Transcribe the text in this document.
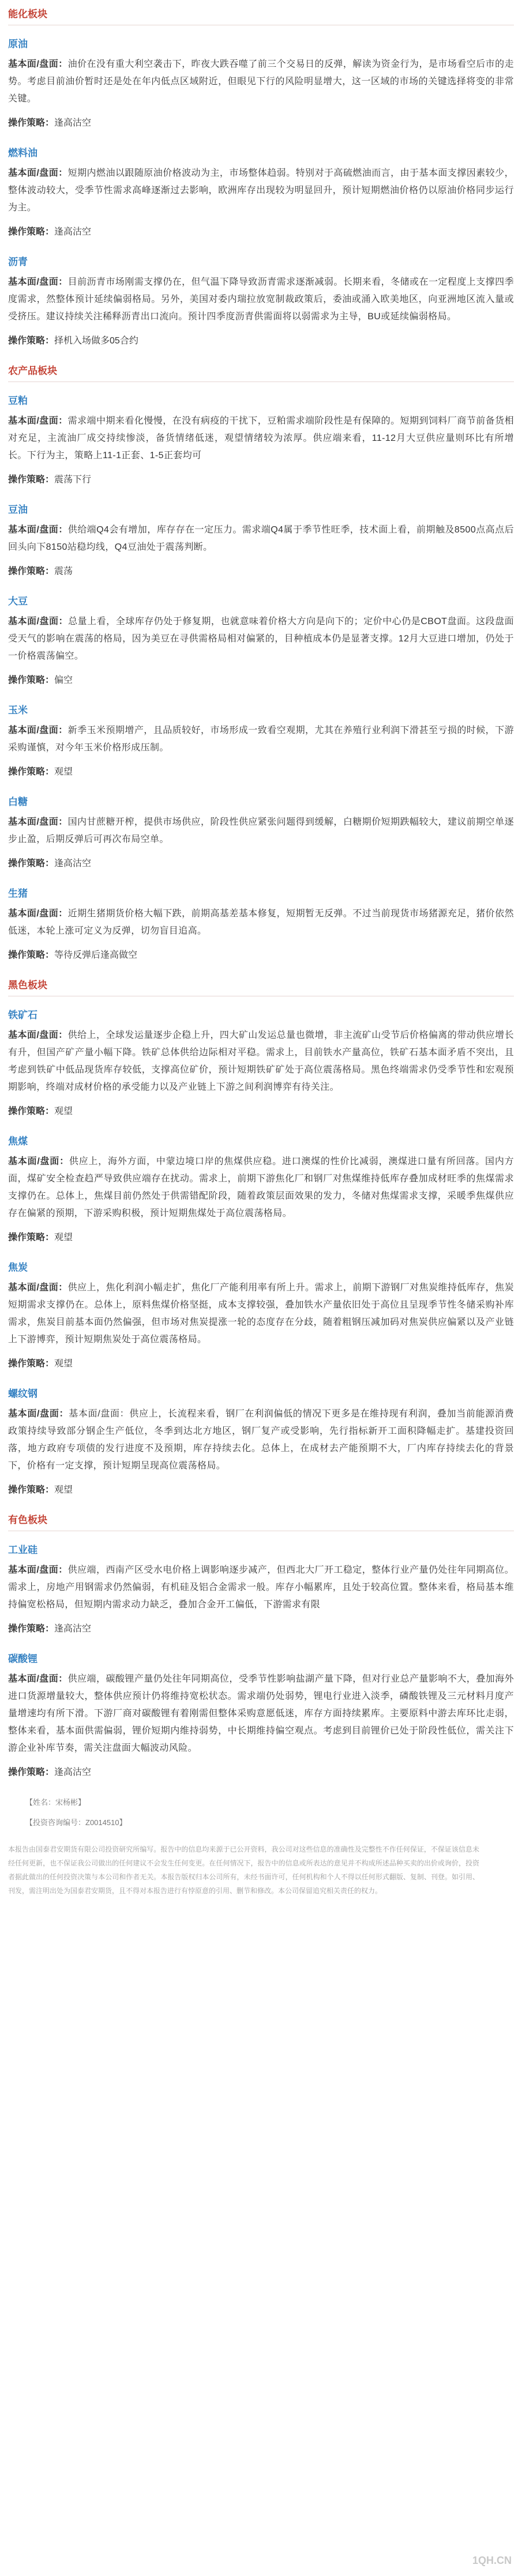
能化板块
原油

基本面/盘面：油价在没有重大利空袭击下，昨夜大跌吞噬了前三个交易日的反弹，解读为资金行为，是市场看空后市的走势。考虑目前油价暂时还是处在年内低点区域附近，但眼见下行的风险明显增大，这一区域的市场的关键选择将变的非常关键。

操作策略：逢高沽空

燃料油

基本面/盘面：短期内燃油以跟随原油价格波动为主，市场整体趋弱。特别对于高硫燃油而言，由于基本面支撑因素较少，整体波动较大，受季节性需求高峰逐渐过去影响，欧洲库存出现较为明显回升，预计短期燃油价格仍以原油价格同步运行为主。

操作策略：逢高沽空

沥青

基本面/盘面：目前沥青市场刚需支撑仍在，但气温下降导致沥青需求逐渐减弱。长期来看，冬储或在一定程度上支撑四季度需求，然整体预计延续偏弱格局。另外，美国对委内瑞拉放宽制裁政策后，委油或涌入欧美地区，向亚洲地区流入量或受挤压。建议持续关注稀释沥青出口流向。预计四季度沥青供需面将以弱需求为主导，BU或延续偏弱格局。

操作策略：择机入场做多05合约

农产品板块
豆粕

基本面/盘面：需求端中期来看化慢慢，在没有病疫的干扰下，豆粕需求端阶段性是有保障的。短期到饲料厂商节前备货相对充足，主流油厂成交持续惨淡，备货情绪低迷，观望情绪较为浓厚。供应端来看，11-12月大豆供应量则环比有所增长。下行为主，策略上11-1正套、1-5正套均可

操作策略：震荡下行

豆油

基本面/盘面：供给端Q4会有增加，库存存在一定压力。需求端Q4属于季节性旺季，技术面上看，前期触及8500点高点后回头向下8150站稳均线，Q4豆油处于震荡判断。

操作策略：震荡

大豆

基本面/盘面：总量上看，全球库存仍处于修复期，也就意味着价格大方向是向下的；定价中心仍是CBOT盘面。这段盘面受天气的影响在震荡的格局，因为美豆在寻供需格局相对偏紧的，目种植成本仍是显著支撑。12月大豆进口增加，仍处于一价格震荡偏空。

操作策略：偏空

玉米

基本面/盘面：新季玉米预期增产，且品质较好，市场形成一致看空观期，尤其在养殖行业利润下滑甚至亏损的时候，下游采购谨慎，对今年玉米价格形成压制。

操作策略：观望

白糖

基本面/盘面：国内甘蔗糖开榨，提供市场供应，阶段性供应紧张问题得到缓解，白糖期价短期跌幅较大，建议前期空单逐步止盈，后期反弹后可再次布局空单。

操作策略：逢高沽空

生猪

基本面/盘面：近期生猪期货价格大幅下跌，前期高基差基本修复，短期暂无反弹。不过当前现货市场猪源充足，猪价依然低迷，本轮上涨可定义为反弹，切勿盲目追高。

操作策略：等待反弹后逢高做空

黑色板块
铁矿石

基本面/盘面：供给上，全球发运量逐步企稳上升，四大矿山发运总量也微增，非主流矿山受节后价格偏离的带动供应增长有升，但国产矿产量小幅下降。铁矿总体供给边际相对平稳。需求上，目前铁水产量高位，铁矿石基本面矛盾不突出，且考虑到铁矿中低品现货库存较低，支撑高位矿价，预计短期铁矿矿处于高位震荡格局。黑色终端需求仍受季节性和宏观预期影响，终端对成材价格的承受能力以及产业链上下游之间利润博弈有待关注。

操作策略：观望

焦煤

基本面/盘面：供应上，海外方面，中蒙边境口岸的焦煤供应稳。进口澳煤的性价比减弱，澳煤进口量有所回落。国内方面，煤矿安全检查趋严导致供应端存在扰动。需求上，前期下游焦化厂和钢厂对焦煤维持低库存叠加成材旺季的焦煤需求支撑仍在。总体上，焦煤目前仍然处于供需错配阶段，随着政策层面效果的发力，冬储对焦煤需求支撑，采暖季焦煤供应存在偏紧的预期，下游采购积极，预计短期焦煤处于高位震荡格局。

操作策略：观望

焦炭

基本面/盘面：供应上，焦化利润小幅走扩，焦化厂产能利用率有所上升。需求上，前期下游钢厂对焦炭维持低库存，焦炭短期需求支撑仍在。总体上，原料焦煤价格坚挺，成本支撑较强，叠加铁水产量依旧处于高位且呈现季节性冬储采购补库需求，焦炭目前基本面仍然偏强，但市场对焦炭提涨一轮的态度存在分歧，随着粗钢压减加码对焦炭供应偏紧以及产业链上下游博弈，预计短期焦炭处于高位震荡格局。

操作策略：观望

螺纹钢

基本面/盘面：基本面/盘面：供应上，长流程来看，钢厂在利润偏低的情况下更多是在维持现有利润，叠加当前能源消费政策持续导致部分钢企生产低位，冬季到达北方地区，钢厂复产或受影响，先行指标新开工面积降幅走扩。基建投资回落，地方政府专项债的发行进度不及预期，库存持续去化。总体上，在成材去产能预期不大，厂内库存持续去化的背景下，价格有一定支撑，预计短期呈现高位震荡格局。

操作策略：观望

有色板块
工业硅

基本面/盘面：供应端，西南产区受水电价格上调影响逐步减产，但西北大厂开工稳定，整体行业产量仍处往年同期高位。需求上，房地产用钢需求仍然偏弱，有机硅及铝合金需求一般。库存小幅累库，且处于较高位置。整体来看，格局基本维持偏宽松格局，但短期内需求动力缺乏，叠加合金开工偏低，下游需求有限

操作策略：逢高沽空

碳酸锂

基本面/盘面：供应端，碳酸锂产量仍处往年同期高位，受季节性影响盐湖产量下降，但对行业总产量影响不大，叠加海外进口货源增量较大，整体供应预计仍将维持宽松状态。需求端仍处弱势，锂电行业进入淡季，磷酸铁锂及三元材料月度产量增速均有所下滑。下游厂商对碳酸锂有着刚需但整体采购意愿低迷，库存方面持续累库。主要原料中游去库环比走弱，整体来看，基本面供需偏弱，锂价短期内维持弱势，中长期维持偏空观点。考虑到目前锂价已处于阶段性低位，需关注下游企业补库节奏，需关注盘面大幅波动风险。

操作策略：逢高沽空

【姓名：宋杨彬】
【投资咨询编号：Z0014510】
本报告由国泰君安期货有限公司投资研究所编写。报告中的信息均来源于已公开资料，我公司对这些信息的准确性及完整性不作任何保证，不保证该信息未经任何更新，也不保证我公司做出的任何建议不会发生任何变更。在任何情况下，报告中的信息或所表达的意见并不构成所述品种买卖的出价或询价，投资者据此做出的任何投资决策与本公司和作者无关。本报告版权归本公司所有，未经书面许可，任何机构和个人不得以任何形式翻版、复制、刊登。如引用、刊发，需注明出处为国泰君安期货，且不得对本报告进行有悖原意的引用、删节和修改。本公司保留追究相关责任的权力。
1QH.CN
